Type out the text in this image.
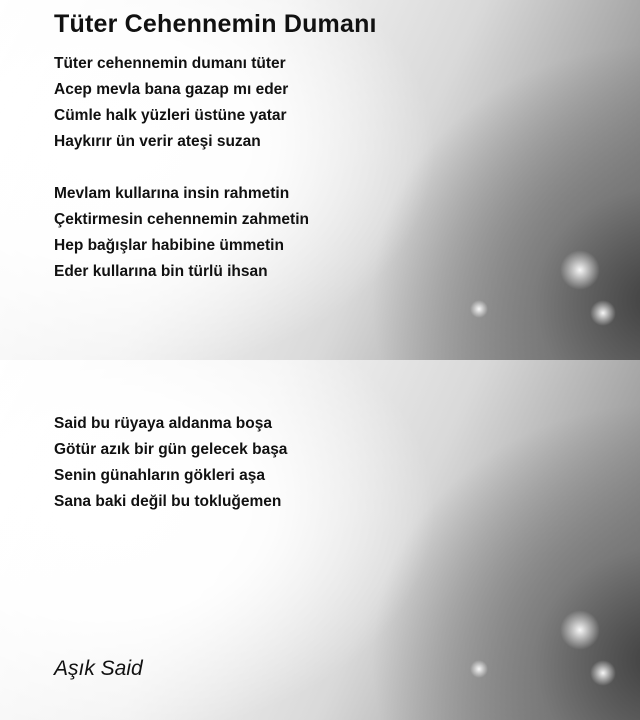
Tüter Cehennemin Dumanı
Tüter cehennemin dumanı tüter
Acep mevla bana gazap mı eder
Cümle halk yüzleri üstüne yatar
Haykırır ün verir ateşi suzan
Mevlam kullarına insin rahmetin
Çektirmesin cehennemin zahmetin
Hep bağışlar habibine ümmetin
Eder kullarına bin türlü ihsan
Said bu rüyaya aldanma boşa
Götür azık bir gün gelecek başa
Senin günahların gökleri aşa
Sana baki değil bu tokluğemen

Aşık Said
